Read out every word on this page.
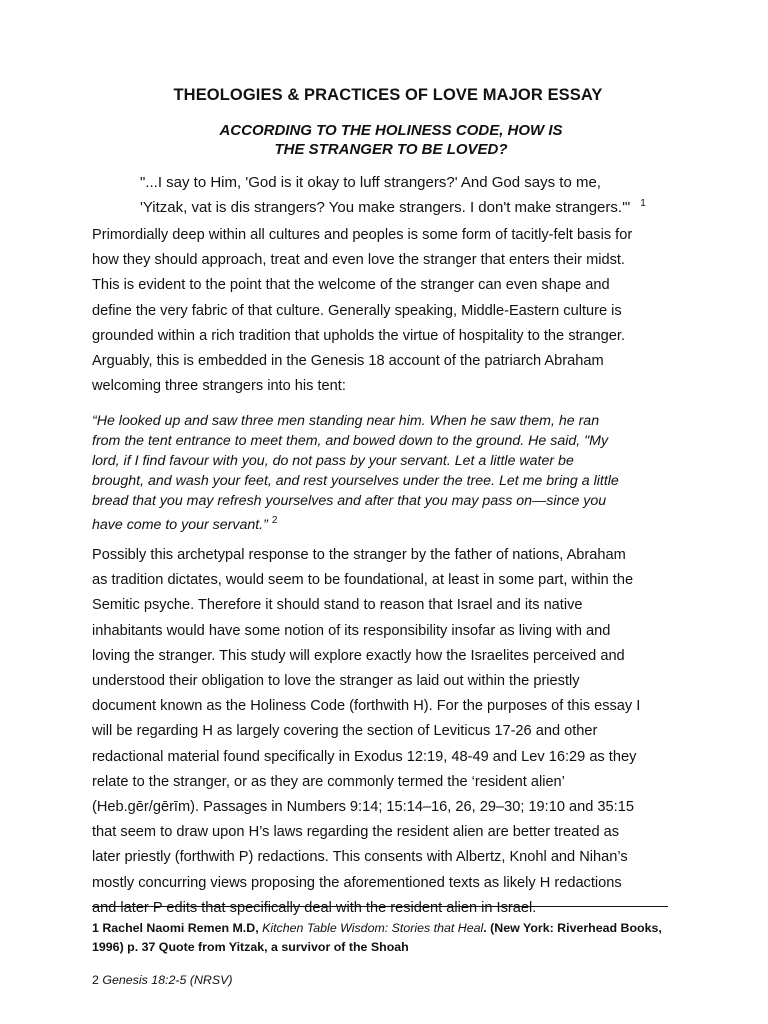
THEOLOGIES & PRACTICES OF LOVE MAJOR ESSAY
ACCORDING TO THE HOLINESS CODE, HOW IS
THE STRANGER TO BE LOVED?
"...I say to Him, 'God is it okay to luff strangers?' And God says to me,
'Yitzak, vat is dis strangers? You make strangers. I don't make strangers.'" $^1$
Primordially deep within all cultures and peoples is some form of tacitly-felt basis for
how they should approach, treat and even love the stranger that enters their midst.
This is evident to the point that the welcome of the stranger can even shape and
define the very fabric of that culture. Generally speaking, Middle-Eastern culture is
grounded within a rich tradition that upholds the virtue of hospitality to the stranger.
Arguably, this is embedded in the Genesis 18 account of the patriarch Abraham
welcoming three strangers into his tent:
“He looked up and saw three men standing near him. When he saw them, he ran
from the tent entrance to meet them, and bowed down to the ground. He said, "My
lord, if I find favour with you, do not pass by your servant. Let a little water be
brought, and wash your feet, and rest yourselves under the tree. Let me bring a little
bread that you may refresh yourselves and after that you may pass on—since you
have come to your servant.” $^2$
Possibly this archetypal response to the stranger by the father of nations, Abraham
as tradition dictates, would seem to be foundational, at least in some part, within the
Semitic psyche. Therefore it should stand to reason that Israel and its native
inhabitants would have some notion of its responsibility insofar as living with and
loving the stranger. This study will explore exactly how the Israelites perceived and
understood their obligation to love the stranger as laid out within the priestly
document known as the Holiness Code (forthwith H). For the purposes of this essay I
will be regarding H as largely covering the section of Leviticus 17-26 and other
redactional material found specifically in Exodus 12:19, 48-49 and Lev 16:29 as they
relate to the stranger, or as they are commonly termed the ‘resident alien’
(Heb.gēr/gērīm). Passages in Numbers 9:14; 15:14–16, 26, 29–30; 19:10 and 35:15
that seem to draw upon H’s laws regarding the resident alien are better treated as
later priestly (forthwith P) redactions. This consents with Albertz, Knohl and Nihan’s
mostly concurring views proposing the aforementioned texts as likely H redactions
and later P edits that specifically deal with the resident alien in Israel.
1 Rachel Naomi Remen M.D, Kitchen Table Wisdom: Stories that Heal. (New York: Riverhead Books,
1996) p. 37 Quote from Yitzak, a survivor of the Shoah
2 Genesis 18:2-5 (NRSV)
